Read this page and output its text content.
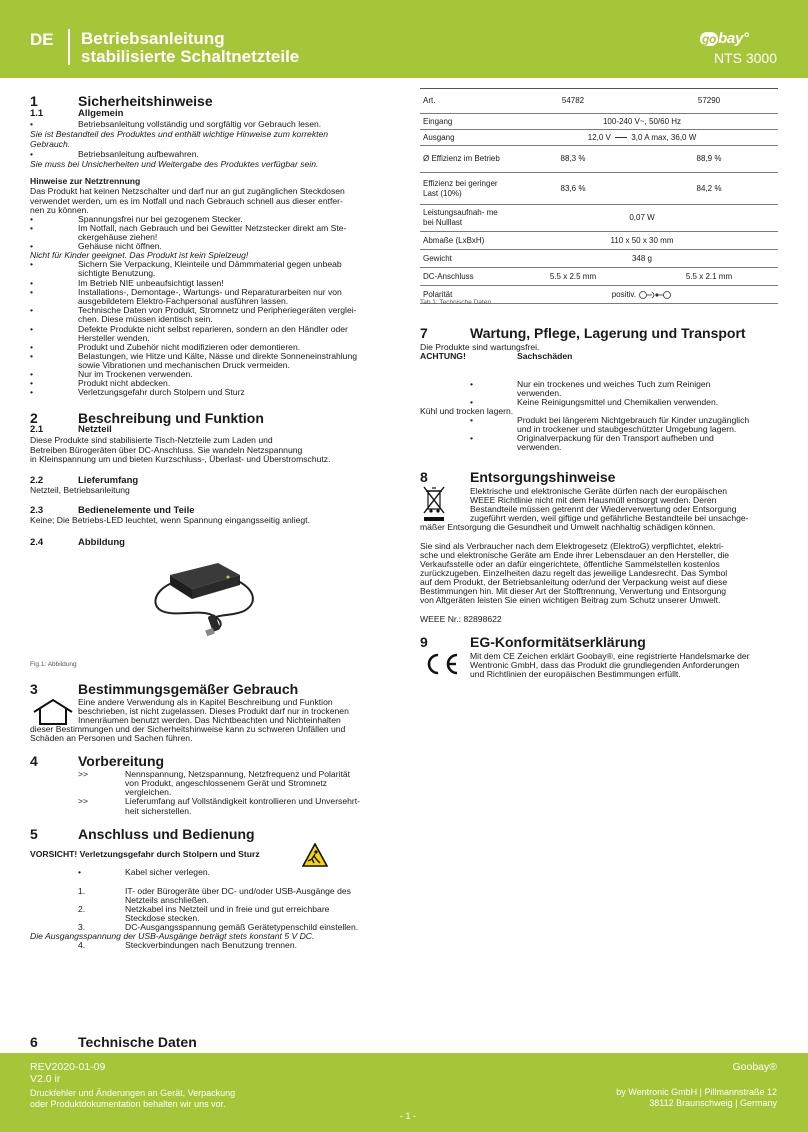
DE Betriebsanleitung
stabilisierte Schaltnetzteile
go bay°
NTS 3000
1	Sicherheitshinweise
1.1	Allgemein
•	Betriebsanleitung vollständig und sorgfältig vor Gebrauch lesen.
Sie ist Bestandteil des Produktes und enthält wichtige Hinweise zum korrekten
Gebrauch.
•	Betriebsanleitung aufbewahren.
Sie muss bei Unsicherheiten und Weitergabe des Produktes verfügbar sein.
Hinweise zur Netztrennung
Das Produkt hat keinen Netzschalter und darf nur an gut zugänglichen Steckdosen
verwendet werden, um es im Notfall und nach Gebrauch schnell aus dieser entfer-
nen zu können.
•	Spannungsfrei nur bei gezogenem Stecker.
•	Im Notfall, nach Gebrauch und bei Gewitter Netzstecker direkt am Ste-
ckergehäuse ziehen!
•	Gehäuse nicht öffnen.
Nicht für Kinder geeignet. Das Produkt ist kein Spielzeug!
•	Sichern Sie Verpackung, Kleinteile und Dämmmaterial gegen unbeab
sichtigte Benutzung.
•	Im Betrieb NIE unbeaufsichtigt lassen!
•	Installations-, Demontage-, Wartungs- und Reparaturarbeiten nur von
ausgebildetem Elektro-Fachpersonal ausführen lassen.
•	Technische Daten von Produkt, Stromnetz und Peripheriegeräten verglei-
chen. Diese müssen identisch sein.
•	Defekte Produkte nicht selbst reparieren, sondern an den Händler oder
Hersteller wenden.
•	Produkt und Zubehör nicht modifizieren oder demontieren.
•	Belastungen, wie Hitze und Kälte, Nässe und direkte Sonneneinstrahlung
sowie Vibrationen und mechanischen Druck vermeiden.
•	Nur im Trockenen verwenden.
•	Produkt nicht abdecken.
•	Verletzungsgefahr durch Stolpern und Sturz
2	Beschreibung und Funktion
2.1	Netzteil
Diese Produkte sind stabilisierte Tisch-Netzteile zum Laden und
Betreiben Bürogeräten über DC-Anschluss. Sie wandeln Netzspannung
in Kleinspannung um und bieten Kurzschluss-, Überlast- und Überstromschutz.
2.2	Lieferumfang
Netzteil, Betriebsanleitung
2.3	Bedienelemente und Teile
Keine; Die Betriebs-LED leuchtet, wenn Spannung eingangsseitig anliegt.
2.4	Abbildung
Fig.1: Abbildung
3	Bestimmungsgemäßer Gebrauch
Eine andere Verwendung als in Kapitel Beschreibung und Funktion
beschrieben, ist nicht zugelassen. Dieses Produkt darf nur in trockenen
Innenräumen benutzt werden. Das Nichtbeachten und Nichteinhalten
dieser Bestimmungen und der Sicherheitshinweise kann zu schweren Unfällen und
Schäden an Personen und Sachen führen.
4	Vorbereitung
>>	Nennspannung, Netzspannung, Netzfrequenz und Polarität
von Produkt, angeschlossenem Gerät und Stromnetz
vergleichen.
>>	Lieferumfang auf Vollständigkeit kontrollieren und Unversehrt-
heit sicherstellen.
5	Anschluss und Bedienung
VORSICHT! Verletzungsgefahr durch Stolpern und Sturz
•	Kabel sicher verlegen.
1.	IT- oder Bürogeräte über DC- und/oder USB-Ausgänge des
Netzteils anschließen.
2.	Netzkabel ins Netzteil und in freie und gut erreichbare
Steckdose stecken.
3.	DC-Ausgangsspannung gemäß Gerätetypenschild einstellen.
Die Ausgangsspannung der USB-Ausgänge beträgt stets konstant 5 V DC.
4.	Steckverbindungen nach Benutzung trennen.
6	Technische Daten
Art.	54782	57290
Eingang	100-240 V~, 50/60 Hz	
Ausgang	12,0 V 3,0 A max, 36,0 W	
Ø Effizienz im Betrieb	88,3 %	88,9 %
Effizienz bei geringer Last (10%)	83,6 %	84,2 %
Leistungsaufnah- me bei Nulllast	0,07 W	
Abmaße (LxBxH)	110 x 50 x 30 mm	
Gewicht	348 g	
DC-Anschluss	5.5 x 2.5 mm	5.5 x 2.1 mm
Polarität	positiv.	
Tab.1: Technische Daten
7	Wartung, Pflege, Lagerung und Transport
Die Produkte sind wartungsfrei.
ACHTUNG!	Sachschäden
•	Nur ein trockenes und weiches Tuch zum Reinigen
verwenden.
•	Keine Reinigungsmittel und Chemikalien verwenden.
Kühl und trocken lagern.
•	Produkt bei längerem Nichtgebrauch für Kinder unzugänglich
und in trockener und staubgeschützter Umgebung lagern.
•	Originalverpackung für den Transport aufheben und
verwenden.
8	Entsorgungshinweise
Elektrische und elektronische Geräte dürfen nach der europäischen
WEEE Richtlinie nicht mit dem Hausmüll entsorgt werden. Deren
Bestandteile müssen getrennt der Wiederverwertung oder Entsorgung
zugeführt werden, weil giftige und gefährliche Bestandteile bei unsachge-
mäßer Entsorgung die Gesundheit und Umwelt nachhaltig schädigen können.
Sie sind als Verbraucher nach dem Elektrogesetz (ElektroG) verpflichtet, elektri-
sche und elektronische Geräte am Ende ihrer Lebensdauer an den Hersteller, die
Verkaufsstelle oder an dafür eingerichtete, öffentliche Sammelstellen kostenlos
zurückzugeben. Einzelheiten dazu regelt das jeweilige Landesrecht. Das Symbol
auf dem Produkt, der Betriebsanleitung oder/und der Verpackung weist auf diese
Bestimmungen hin. Mit dieser Art der Stofftrennung, Verwertung und Entsorgung
von Altgeräten leisten Sie einen wichtigen Beitrag zum Schutz unserer Umwelt.
WEEE Nr.: 82898622
9	EG-Konformitätserklärung
Mit dem CE Zeichen erklärt Goobay®, eine registrierte Handelsmarke der
Wentronic GmbH, dass das Produkt die grundlegenden Anforderungen
und Richtlinien der europäischen Bestimmungen erfüllt.
REV2020-01-09
V2.0 ir
Druckfehler und Änderungen an Gerät, Verpackung
oder Produktdokumentation behalten wir uns vor.
- 1 -
Goobay®
by Wentronic GmbH | Pillmannstraße 12
38112 Braunschweig | Germany
